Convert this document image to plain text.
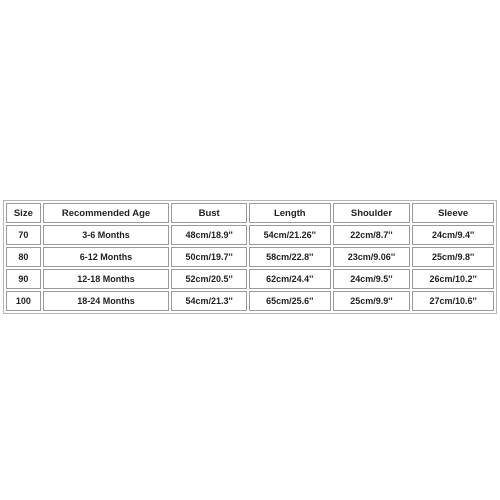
Size	Recommended Age	Bust	Length	Shoulder	Sleeve
70	3-6 Months	48cm/18.9''	54cm/21.26''	22cm/8.7''	24cm/9.4''
80	6-12 Months	50cm/19.7''	58cm/22.8''	23cm/9.06''	25cm/9.8''
90	12-18 Months	52cm/20.5''	62cm/24.4''	24cm/9.5''	26cm/10.2''
100	18-24 Months	54cm/21.3''	65cm/25.6''	25cm/9.9''	27cm/10.6''
